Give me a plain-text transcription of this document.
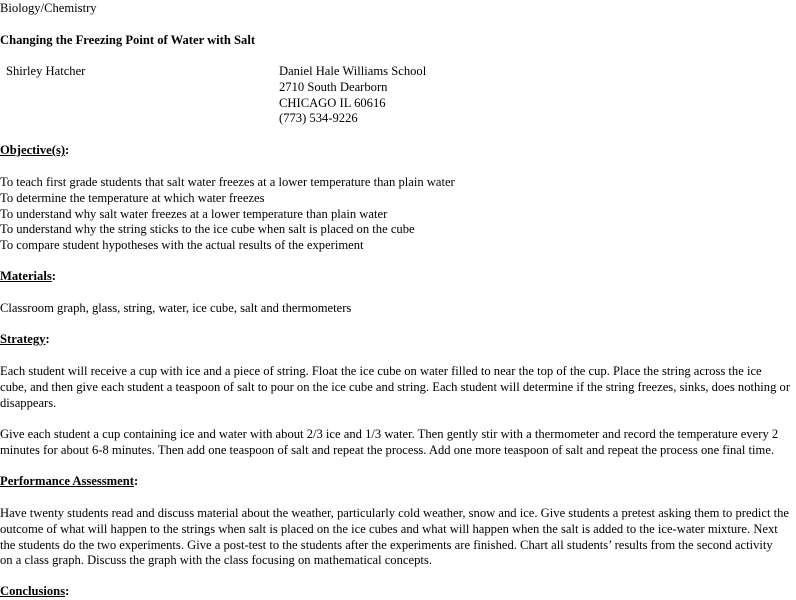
Biology/Chemistry
Changing the Freezing Point of Water with Salt
Shirley Hatcher	Daniel Hale Williams School
2710 South Dearborn
CHICAGO IL 60616
(773) 534-9226
Objective(s):
To teach first grade students that salt water freezes at a lower temperature than plain water
To determine the temperature at which water freezes
To understand why salt water freezes at a lower temperature than plain water
To understand why the string sticks to the ice cube when salt is placed on the cube
To compare student hypotheses with the actual results of the experiment
Materials:
Classroom graph, glass, string, water, ice cube, salt and thermometers
Strategy:
Each student will receive a cup with ice and a piece of string. Float the ice cube on water filled to near the top of the cup. Place the string across the ice
cube, and then give each student a teaspoon of salt to pour on the ice cube and string. Each student will determine if the string freezes, sinks, does nothing or
disappears.
Give each student a cup containing ice and water with about 2/3 ice and 1/3 water. Then gently stir with a thermometer and record the temperature every 2
minutes for about 6-8 minutes. Then add one teaspoon of salt and repeat the process. Add one more teaspoon of salt and repeat the process one final time.
Performance Assessment:
Have twenty students read and discuss material about the weather, particularly cold weather, snow and ice. Give students a pretest asking them to predict the
outcome of what will happen to the strings when salt is placed on the ice cubes and what will happen when the salt is added to the ice-water mixture. Next
the students do the two experiments. Give a post-test to the students after the experiments are finished. Chart all students’ results from the second activity
on a class graph. Discuss the graph with the class focusing on mathematical concepts.
Conclusions:
